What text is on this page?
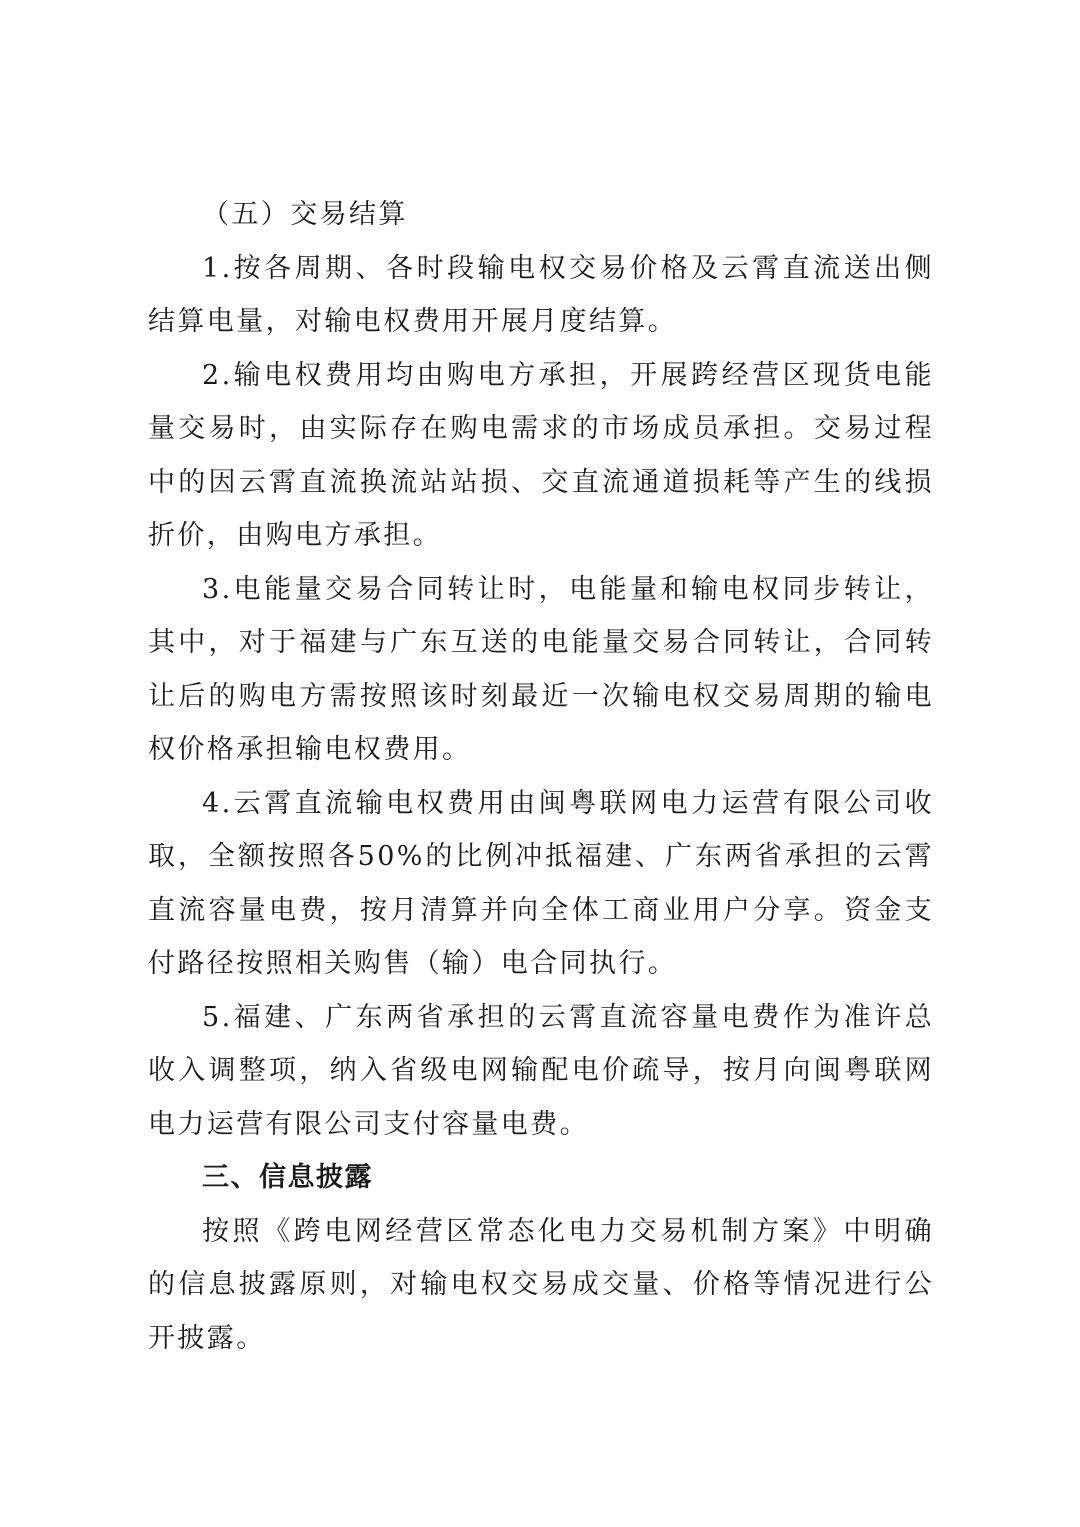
（五）交易结算

1.按各周期、各时段输电权交易价格及云霄直流送出侧结算电量，对输电权费用开展月度结算。

2.输电权费用均由购电方承担，开展跨经营区现货电能量交易时，由实际存在购电需求的市场成员承担。交易过程中的因云霄直流换流站站损、交直流通道损耗等产生的线损折价，由购电方承担。

3.电能量交易合同转让时，电能量和输电权同步转让，其中，对于福建与广东互送的电能量交易合同转让，合同转让后的购电方需按照该时刻最近一次输电权交易周期的输电权价格承担输电权费用。

4.云霄直流输电权费用由闽粤联网电力运营有限公司收取，全额按照各50%的比例冲抵福建、广东两省承担的云霄直流容量电费，按月清算并向全体工商业用户分享。资金支付路径按照相关购售（输）电合同执行。

5.福建、广东两省承担的云霄直流容量电费作为准许总收入调整项，纳入省级电网输配电价疏导，按月向闽粤联网电力运营有限公司支付容量电费。

三、信息披露

按照《跨电网经营区常态化电力交易机制方案》中明确的信息披露原则，对输电权交易成交量、价格等情况进行公开披露。
